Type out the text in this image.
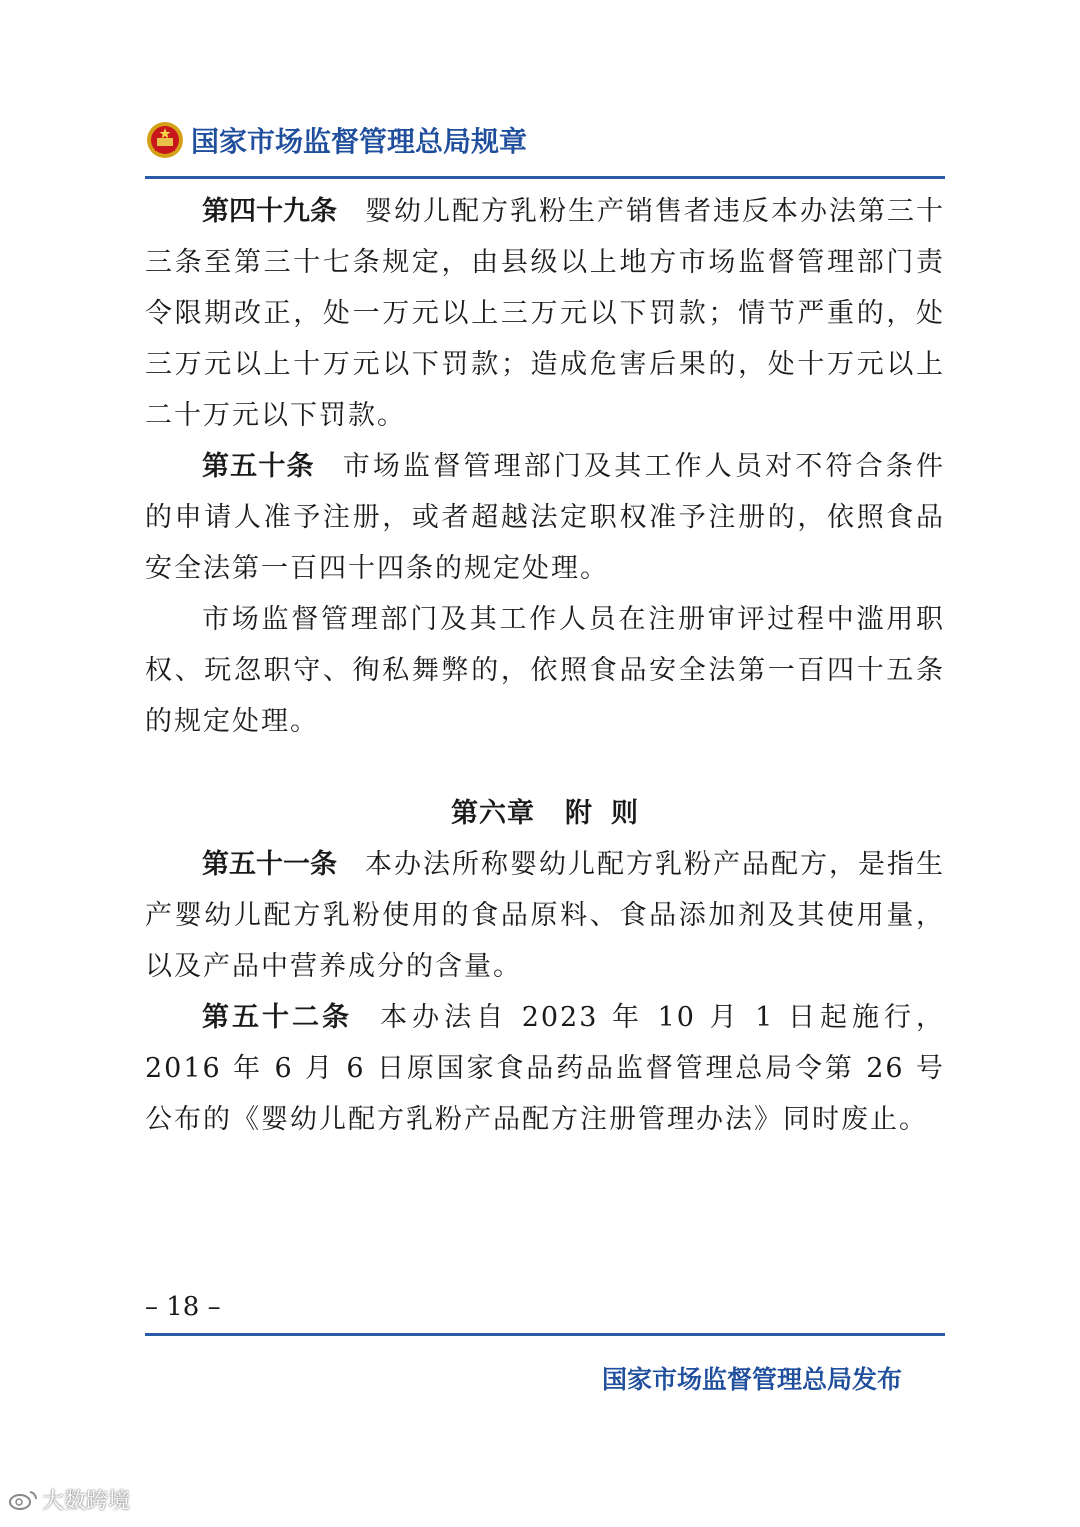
国家市场监督管理总局规章

第四十九条 婴幼儿配方乳粉生产销售者违反本办法第三十三条至第三十七条规定，由县级以上地方市场监督管理部门责令限期改正，处一万元以上三万元以下罚款；情节严重的，处三万元以上十万元以下罚款；造成危害后果的，处十万元以上二十万元以下罚款。

第五十条 市场监督管理部门及其工作人员对不符合条件的申请人准予注册，或者超越法定职权准予注册的，依照食品安全法第一百四十四条的规定处理。

市场监督管理部门及其工作人员在注册审评过程中滥用职权、玩忽职守、徇私舞弊的，依照食品安全法第一百四十五条的规定处理。

第六章 附 则

第五十一条 本办法所称婴幼儿配方乳粉产品配方，是指生产婴幼儿配方乳粉使用的食品原料、食品添加剂及其使用量，以及产品中营养成分的含量。

第五十二条 本办法自 2023 年 10 月 1 日起施行，2016 年 6 月 6 日原国家食品药品监督管理总局令第 26 号公布的《婴幼儿配方乳粉产品配方注册管理办法》同时废止。

– 18 –
国家市场监督管理总局发布
大数跨境
